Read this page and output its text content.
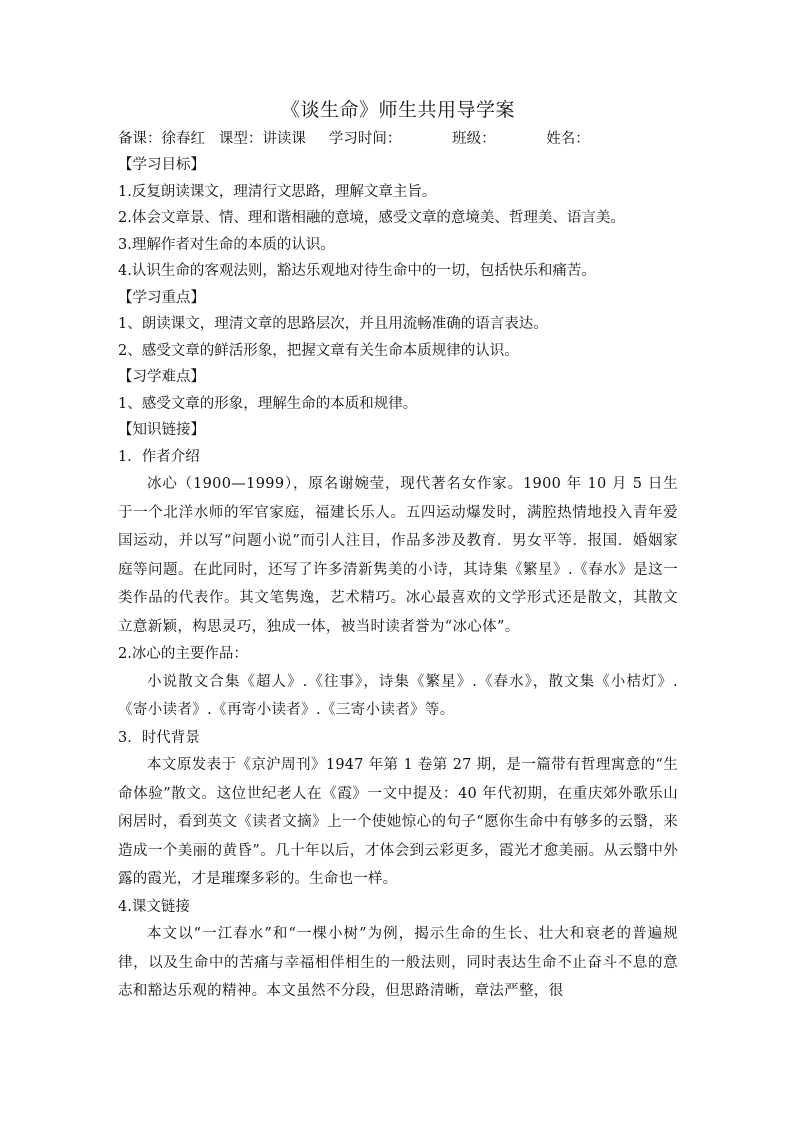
《谈生命》师生共用导学案
备课：徐春红   课型：讲读课     学习时间：           班级：           姓名：

【学习目标】

1.反复朗读课文，理清行文思路，理解文章主旨。

2.体会文章景、情、理和谐相融的意境，感受文章的意境美、哲理美、语言美。

3.理解作者对生命的本质的认识。

4.认识生命的客观法则，豁达乐观地对待生命中的一切，包括快乐和痛苦。

【学习重点】

1、朗读课文，理清文章的思路层次，并且用流畅准确的语言表达。

2、感受文章的鲜活形象，把握文章有关生命本质规律的认识。

【习学难点】

1、感受文章的形象，理解生命的本质和规律。

【知识链接】

1．作者介绍

冰心（1900—1999），原名谢婉莹，现代著名女作家。1900 年 10 月 5 日生于一个北洋水师的军官家庭，福建长乐人。五四运动爆发时，满腔热情地投入青年爱国运动，并以写“问题小说”而引人注目，作品多涉及教育．男女平等．报国．婚姻家庭等问题。在此同时，还写了许多清新隽美的小诗，其诗集《繁星》.《春水》是这一类作品的代表作。其文笔隽逸，艺术精巧。冰心最喜欢的文学形式还是散文，其散文立意新颖，构思灵巧，独成一体，被当时读者誉为“冰心体”。

2.冰心的主要作品：

小说散文合集《超人》.《往事》，诗集《繁星》.《春水》，散文集《小桔灯》.《寄小读者》.《再寄小读者》.《三寄小读者》等。

3．时代背景

本文原发表于《京沪周刊》1947 年第 1 卷第 27 期，是一篇带有哲理寓意的“生命体验”散文。这位世纪老人在《霞》一文中提及：40 年代初期，在重庆郊外歌乐山闲居时，看到英文《读者文摘》上一个使她惊心的句子“愿你生命中有够多的云翳，来造成一个美丽的黄昏”。几十年以后，才体会到云彩更多，霞光才愈美丽。从云翳中外露的霞光，才是璀璨多彩的。生命也一样。

4.课文链接

本文以“一江春水”和“一棵小树”为例，揭示生命的生长、壮大和衰老的普遍规律，以及生命中的苦痛与幸福相伴相生的一般法则，同时表达生命不止奋斗不息的意志和豁达乐观的精神。本文虽然不分段，但思路清晰，章法严整，很
